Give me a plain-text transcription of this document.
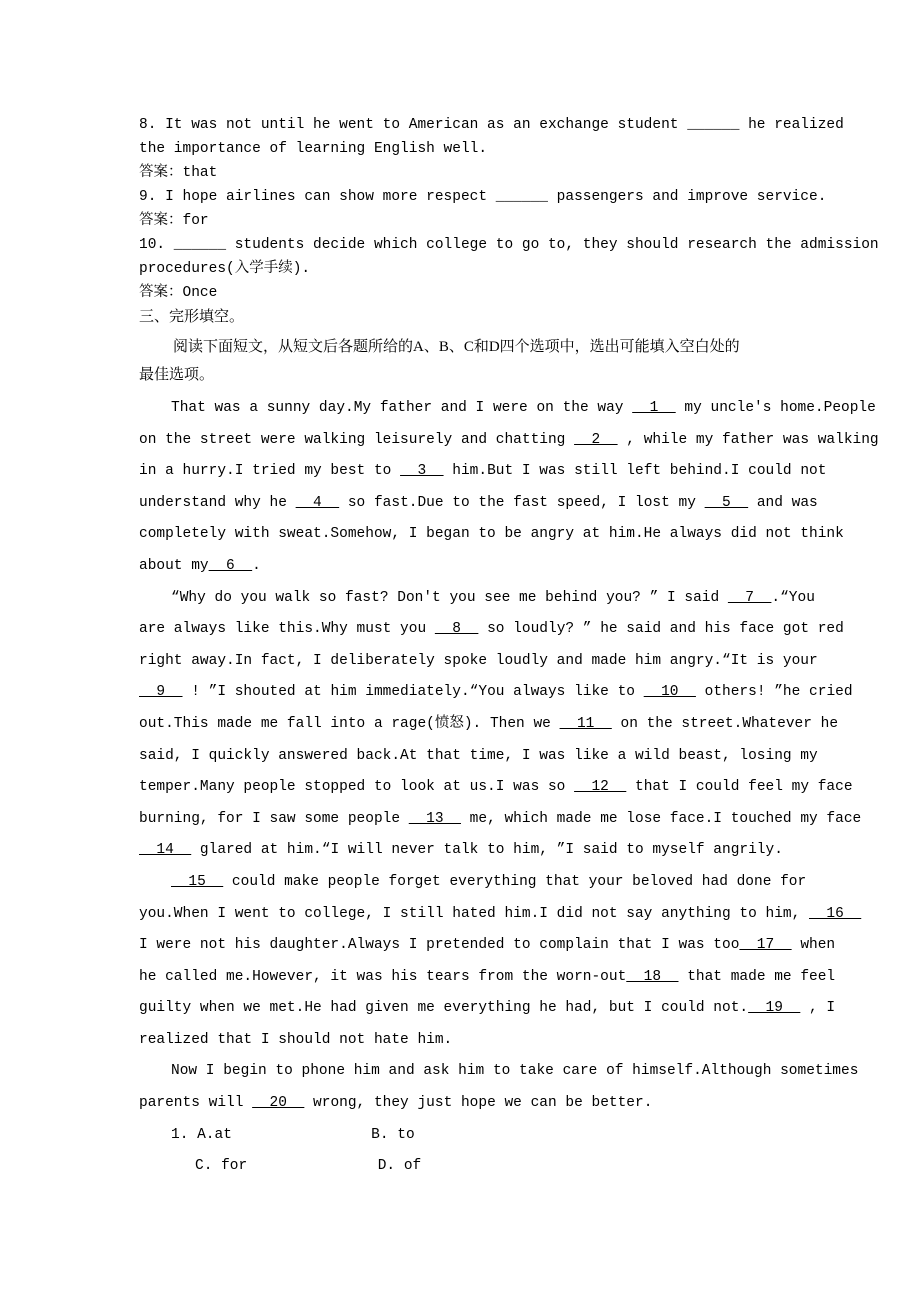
8. It was not until he went to American as an exchange student ______ he realized
the importance of learning English well.
答案：that
9. I hope airlines can show more respect ______ passengers and improve service.
答案：for
10. ______ students decide which college to go to, they should research the admission
procedures(入学手续).
答案：Once
三、完形填空。
阅读下面短文，从短文后各题所给的A、B、C和D四个选项中，选出可能填入空白处的
最佳选项。
That was a sunny day.My father and I were on the way   1   my uncle's home.People
on the street were walking leisurely and chatting   2   , while my father was walking
in a hurry.I tried my best to   3   him.But I was still left behind.I could not
understand why he   4   so fast.Due to the fast speed, I lost my   5   and was
completely with sweat.Somehow, I began to be angry at him.He always did not think
about my  6  .
“Why do you walk so fast? Don't you see me behind you? ” I said   7  .“You
are always like this.Why must you   8   so loudly? ” he said and his face got red
right away.In fact, I deliberately spoke loudly and made him angry.“It is your
9   ! ”I shouted at him immediately.“You always like to   10   others! ”he cried
out.This made me fall into a rage(愤怒). Then we   11   on the street.Whatever he
said, I quickly answered back.At that time, I was like a wild beast, losing my
temper.Many people stopped to look at us.I was so   12   that I could feel my face
burning, for I saw some people   13   me, which made me lose face.I touched my face
14   glared at him.“I will never talk to him, ”I said to myself angrily.
15   could make people forget everything that your beloved had done for
you.When I went to college, I still hated him.I did not say anything to him,   16
I were not his daughter.Always I pretended to complain that I was too  17   when
he called me.However, it was his tears from the worn-out  18   that made me feel
guilty when we met.He had given me everything he had, but I could not.  19   , I
realized that I should not hate him.
Now I begin to phone him and ask him to take care of himself.Although sometimes
parents will   20   wrong, they just hope we can be better.
1. A.at                B. to
C. for               D. of
